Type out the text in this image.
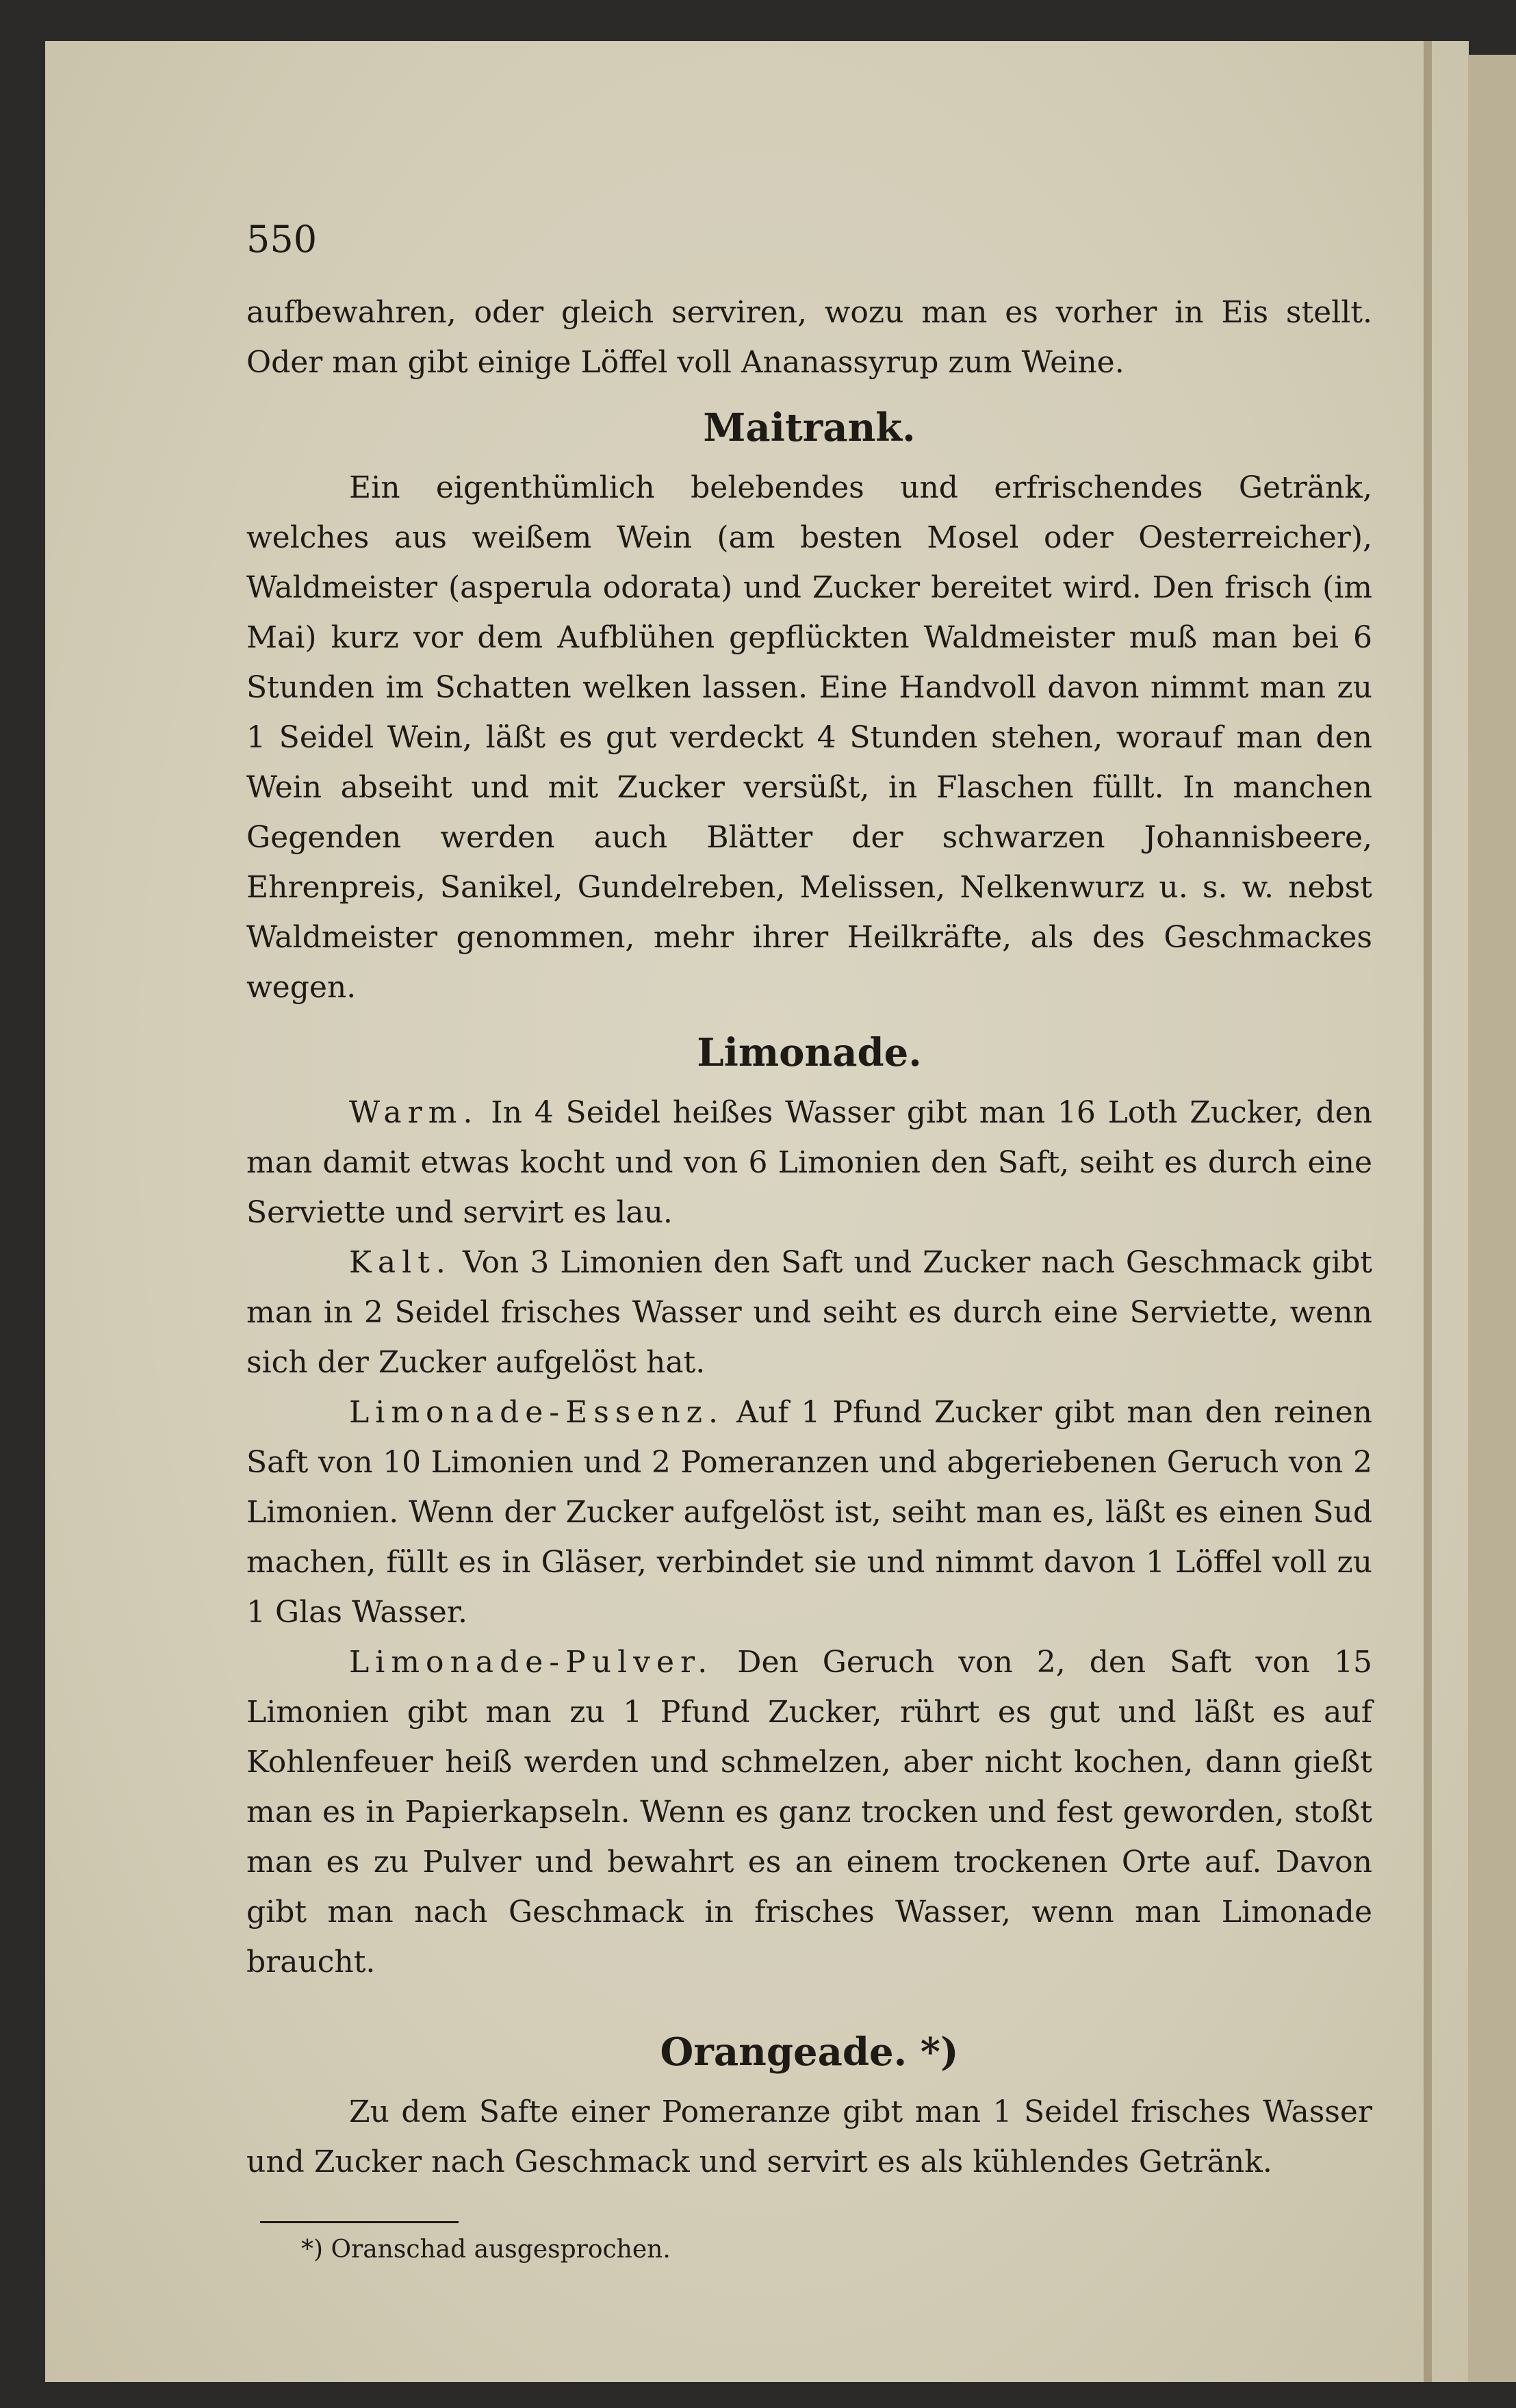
550

aufbewahren, oder gleich serviren, wozu man es vorher in Eis stellt. Oder man gibt einige Löffel voll Ananassyrup zum Weine.

Maitrank.

Ein eigenthümlich belebendes und erfrischendes Getränk, welches aus weißem Wein (am besten Mosel oder Oesterreicher), Waldmeister (asperula odorata) und Zucker bereitet wird. Den frisch (im Mai) kurz vor dem Aufblühen gepflückten Waldmeister muß man bei 6 Stunden im Schatten welken lassen. Eine Handvoll davon nimmt man zu 1 Seidel Wein, läßt es gut verdeckt 4 Stunden stehen, worauf man den Wein abseiht und mit Zucker versüßt, in Flaschen füllt. In manchen Gegenden werden auch Blätter der schwarzen Johannisbeere, Ehrenpreis, Sanikel, Gundelreben, Melissen, Nelkenwurz u. s. w. nebst Waldmeister genommen, mehr ihrer Heilkräfte, als des Geschmackes wegen.

Limonade.

Warm. In 4 Seidel heißes Wasser gibt man 16 Loth Zucker, den man damit etwas kocht und von 6 Limonien den Saft, seiht es durch eine Serviette und servirt es lau.

Kalt. Von 3 Limonien den Saft und Zucker nach Geschmack gibt man in 2 Seidel frisches Wasser und seiht es durch eine Serviette, wenn sich der Zucker aufgelöst hat.

Limonade-Essenz. Auf 1 Pfund Zucker gibt man den reinen Saft von 10 Limonien und 2 Pomeranzen und abgeriebenen Geruch von 2 Limonien. Wenn der Zucker aufgelöst ist, seiht man es, läßt es einen Sud machen, füllt es in Gläser, verbindet sie und nimmt davon 1 Löffel voll zu 1 Glas Wasser.

Limonade-Pulver. Den Geruch von 2, den Saft von 15 Limonien gibt man zu 1 Pfund Zucker, rührt es gut und läßt es auf Kohlenfeuer heiß werden und schmelzen, aber nicht kochen, dann gießt man es in Papierkapseln. Wenn es ganz trocken und fest geworden, stoßt man es zu Pulver und bewahrt es an einem trockenen Orte auf. Davon gibt man nach Geschmack in frisches Wasser, wenn man Limonade braucht.

Orangeade. *)

Zu dem Safte einer Pomeranze gibt man 1 Seidel frisches Wasser und Zucker nach Geschmack und servirt es als kühlendes Getränk.

*) Oranschad ausgesprochen.
